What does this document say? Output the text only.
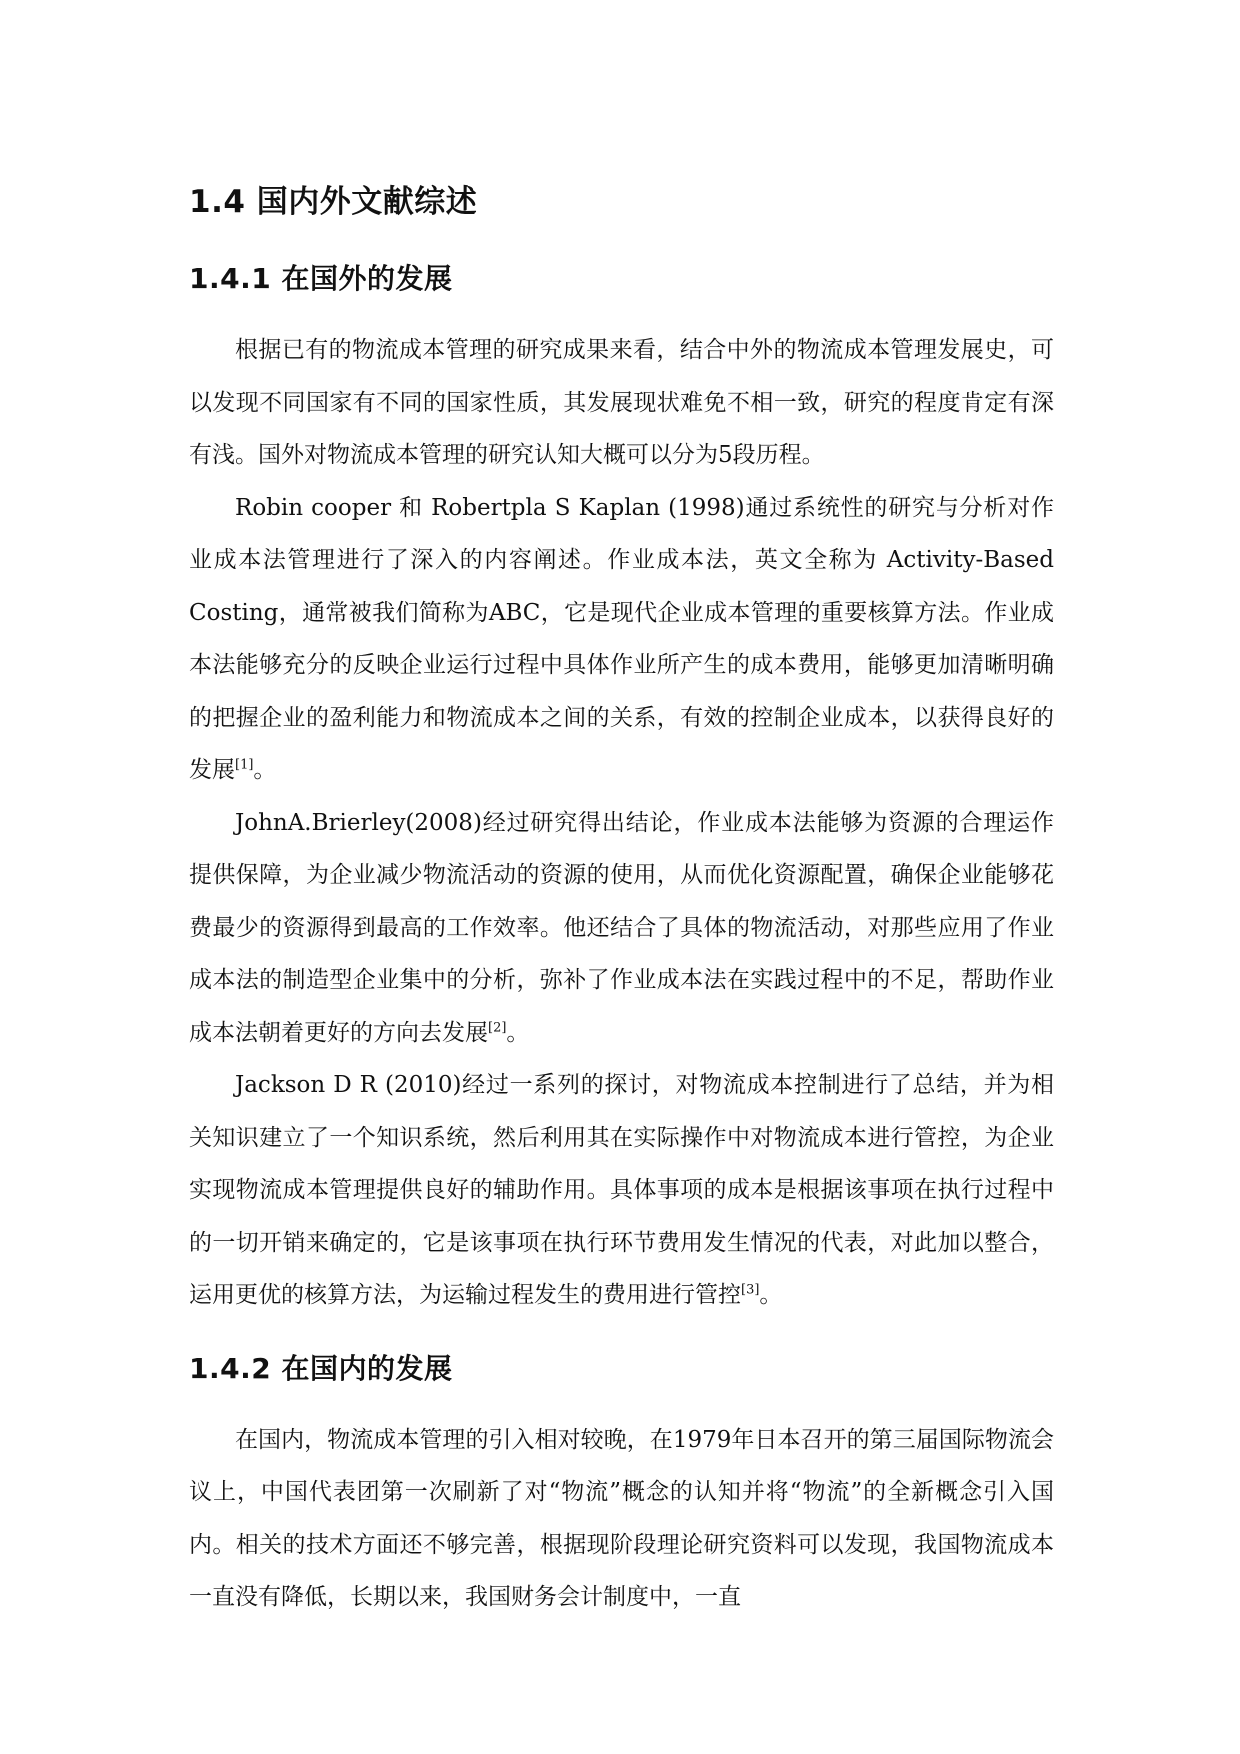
1.4 国内外文献综述
1.4.1 在国外的发展

根据已有的物流成本管理的研究成果来看，结合中外的物流成本管理发展史，可以发现不同国家有不同的国家性质，其发展现状难免不相一致，研究的程度肯定有深有浅。国外对物流成本管理的研究认知大概可以分为5段历程。

Robin cooper 和 Robertpla S Kaplan (1998)通过系统性的研究与分析对作业成本法管理进行了深入的内容阐述。作业成本法，英文全称为 Activity-Based Costing，通常被我们简称为ABC，它是现代企业成本管理的重要核算方法。作业成本法能够充分的反映企业运行过程中具体作业所产生的成本费用，能够更加清晰明确的把握企业的盈利能力和物流成本之间的关系，有效的控制企业成本，以获得良好的发展[1]。

JohnA.Brierley(2008)经过研究得出结论，作业成本法能够为资源的合理运作提供保障，为企业减少物流活动的资源的使用，从而优化资源配置，确保企业能够花费最少的资源得到最高的工作效率。他还结合了具体的物流活动，对那些应用了作业成本法的制造型企业集中的分析，弥补了作业成本法在实践过程中的不足，帮助作业成本法朝着更好的方向去发展[2]。

Jackson D R (2010)经过一系列的探讨，对物流成本控制进行了总结，并为相关知识建立了一个知识系统，然后利用其在实际操作中对物流成本进行管控，为企业实现物流成本管理提供良好的辅助作用。具体事项的成本是根据该事项在执行过程中的一切开销来确定的，它是该事项在执行环节费用发生情况的代表，对此加以整合，运用更优的核算方法，为运输过程发生的费用进行管控[3]。

1.4.2 在国内的发展

在国内，物流成本管理的引入相对较晚，在1979年日本召开的第三届国际物流会议上，中国代表团第一次刷新了对“物流”概念的认知并将“物流”的全新概念引入国内。相关的技术方面还不够完善，根据现阶段理论研究资料可以发现，我国物流成本一直没有降低，长期以来，我国财务会计制度中，一直
